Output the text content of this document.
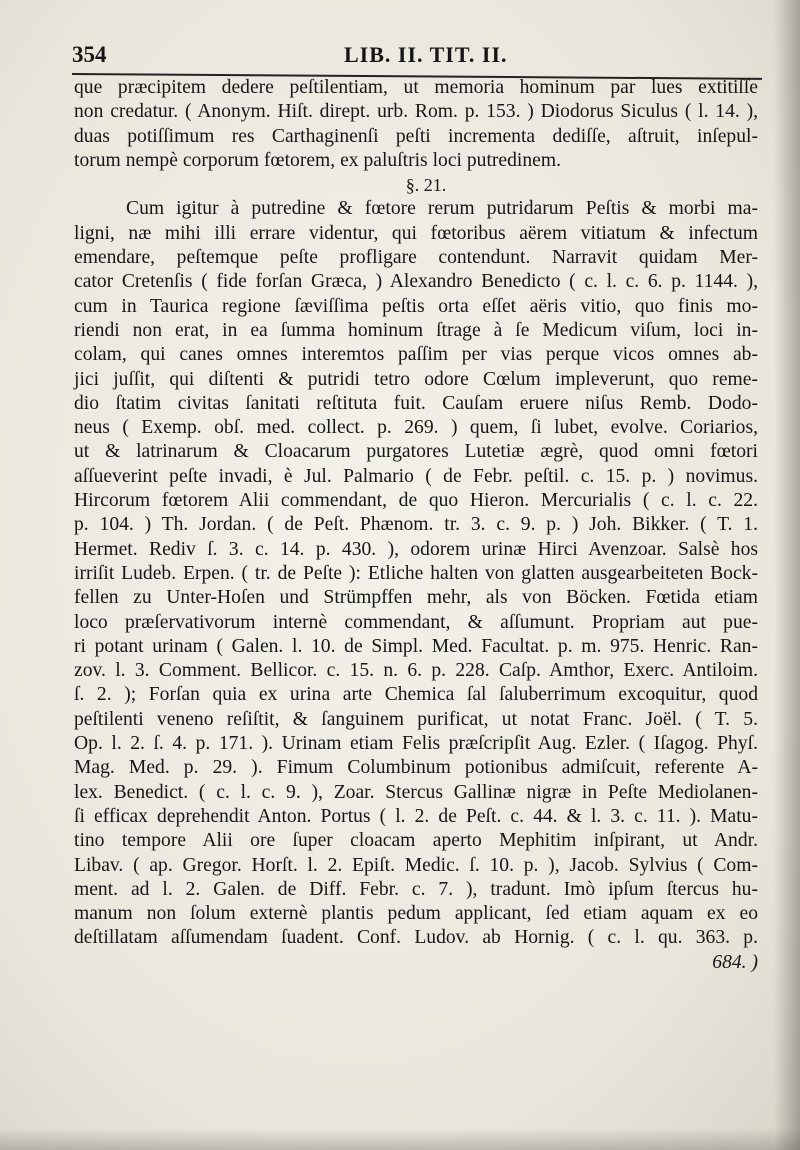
354	LIB. II. TIT. II.
que præcipitem dedere peſtilentiam, ut memoria hominum par lues extitiſſe
non credatur. ( Anonym. Hiſt. dirept. urb. Rom. p. 153. ) Diodorus Siculus ( l. 14. ),
duas potiſſimum res Carthaginenſi peſti incrementa dediſſe, aſtruit, inſepul-
torum nempè corporum fœtorem, ex paluſtris loci putredinem.
§. 21.
Cum igitur à putredine & fœtore rerum putridarum Peſtis & morbi ma-
ligni, næ mihi illi errare videntur, qui fœtoribus aërem vitiatum & infectum
emendare, peſtemque peſte profligare contendunt. Narravit quidam Mer-
cator Cretenſis ( fide forſan Græca, ) Alexandro Benedicto ( c. l. c. 6. p. 1144. ),
cum in Taurica regione ſæviſſima peſtis orta eſſet aëris vitio, quo finis mo-
riendi non erat, in ea ſumma hominum ſtrage à ſe Medicum viſum, loci in-
colam, qui canes omnes interemtos paſſim per vias perque vicos omnes ab-
jici juſſit, qui diſtenti & putridi tetro odore Cœlum impleverunt, quo reme-
dio ſtatim civitas ſanitati reſtituta fuit. Cauſam eruere niſus Remb. Dodo-
neus ( Exemp. obſ. med. collect. p. 269. ) quem, ſi lubet, evolve. Coriarios,
ut & latrinarum & Cloacarum purgatores Lutetiæ ægrè, quod omni fœtori
aſſueverint peſte invadi, è Jul. Palmario ( de Febr. peſtil. c. 15. p. ) novimus.
Hircorum fœtorem Alii commendant, de quo Hieron. Mercurialis ( c. l. c. 22.
p. 104. ) Th. Jordan. ( de Peſt. Phænom. tr. 3. c. 9. p. ) Joh. Bikker. ( T. 1.
Hermet. Rediv ſ. 3. c. 14. p. 430. ), odorem urinæ Hirci Avenzoar. Salsè hos
irriſit Ludeb. Erpen. ( tr. de Peſte ): Etliche halten von glatten ausgearbeiteten Bock-
fellen zu Unter-Hoſen und Strümpffen mehr, als von Böcken. Fœtida etiam
loco præſervativorum internè commendant, & aſſumunt. Propriam aut pue-
ri potant urinam ( Galen. l. 10. de Simpl. Med. Facultat. p. m. 975. Henric. Ran-
zov. l. 3. Comment. Bellicor. c. 15. n. 6. p. 228. Caſp. Amthor, Exerc. Antiloim.
ſ. 2. ); Forſan quia ex urina arte Chemica ſal ſaluberrimum excoquitur, quod
peſtilenti veneno reſiſtit, & ſanguinem purificat, ut notat Franc. Joël. ( T. 5.
Op. l. 2. ſ. 4. p. 171. ). Urinam etiam Felis præſcripſit Aug. Ezler. ( Iſagog. Phyſ.
Mag. Med. p. 29. ). Fimum Columbinum potionibus admiſcuit, referente A-
lex. Benedict. ( c. l. c. 9. ), Zoar. Stercus Gallinæ nigræ in Peſte Mediolanen-
ſi efficax deprehendit Anton. Portus ( l. 2. de Peſt. c. 44. & l. 3. c. 11. ). Matu-
tino tempore Alii ore ſuper cloacam aperto Mephitim inſpirant, ut Andr.
Libav. ( ap. Gregor. Horſt. l. 2. Epiſt. Medic. ſ. 10. p. ), Jacob. Sylvius ( Com-
ment. ad l. 2. Galen. de Diff. Febr. c. 7. ), tradunt. Imò ipſum ſtercus hu-
manum non ſolum externè plantis pedum applicant, ſed etiam aquam ex eo
deſtillatam aſſumendam ſuadent. Conf. Ludov. ab Hornig. ( c. l. qu. 363. p.
684. )
